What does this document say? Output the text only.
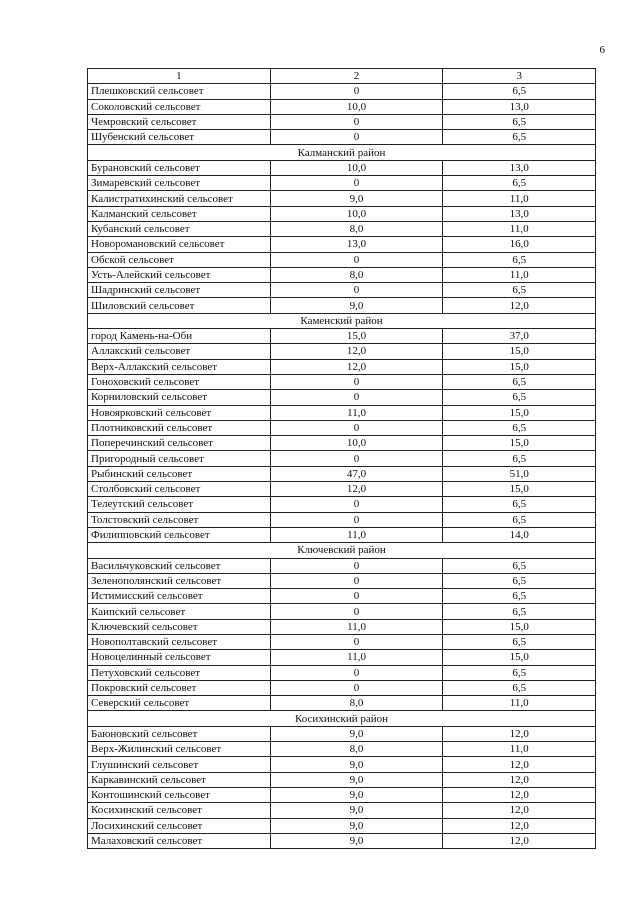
6
1	2	3
Плешковский сельсовет	0	6,5
Соколовский сельсовет	10,0	13,0
Чемровский сельсовет	0	6,5
Шубенский сельсовет	0	6,5
Калманский район		
Бурановский сельсовет	10,0	13,0
Зимаревский сельсовет	0	6,5
Калистратихинский сельсовет	9,0	11,0
Калманский сельсовет	10,0	13,0
Кубанский сельсовет	8,0	11,0
Новороманoвский сельсовет	13,0	16,0
Обской сельсовет	0	6,5
Усть-Алейский сельсовет	8,0	11,0
Шадринский сельсовет	0	6,5
Шиловский сельсовет	9,0	12,0
Каменский район		
город Камень-на-Оби	15,0	37,0
Аллакский сельсовет	12,0	15,0
Верх-Аллакский сельсовет	12,0	15,0
Гоноховский сельсовет	0	6,5
Корниловский сельсовет	0	6,5
Новоярковский сельсовет	11,0	15,0
Плотниковский сельсовет	0	6,5
Поперечинский сельсовет	10,0	15,0
Пригородный сельсовет	0	6,5
Рыбинский сельсовет	47,0	51,0
Столбовский сельсовет	12,0	15,0
Телеутский сельсовет	0	6,5
Толстовский сельсовет	0	6,5
Филипповский сельсовет	11,0	14,0
Ключевский район		
Васильчуковский сельсовет	0	6,5
Зеленополянский сельсовет	0	6,5
Истимисский сельсовет	0	6,5
Каипский сельсовет	0	6,5
Ключевский сельсовет	11,0	15,0
Новополтавский сельсовет	0	6,5
Новоцелинный сельсовет	11,0	15,0
Петуховский сельсовет	0	6,5
Покровский сельсовет	0	6,5
Северский сельсовет	8,0	11,0
Косихинский район		
Баюновский сельсовет	9,0	12,0
Верх-Жилинский сельсовет	8,0	11,0
Глушинский сельсовет	9,0	12,0
Каркавинский сельсовет	9,0	12,0
Контошинский сельсовет	9,0	12,0
Косихинский сельсовет	9,0	12,0
Лосихинский сельсовет	9,0	12,0
Малаховский сельсовет	9,0	12,0
